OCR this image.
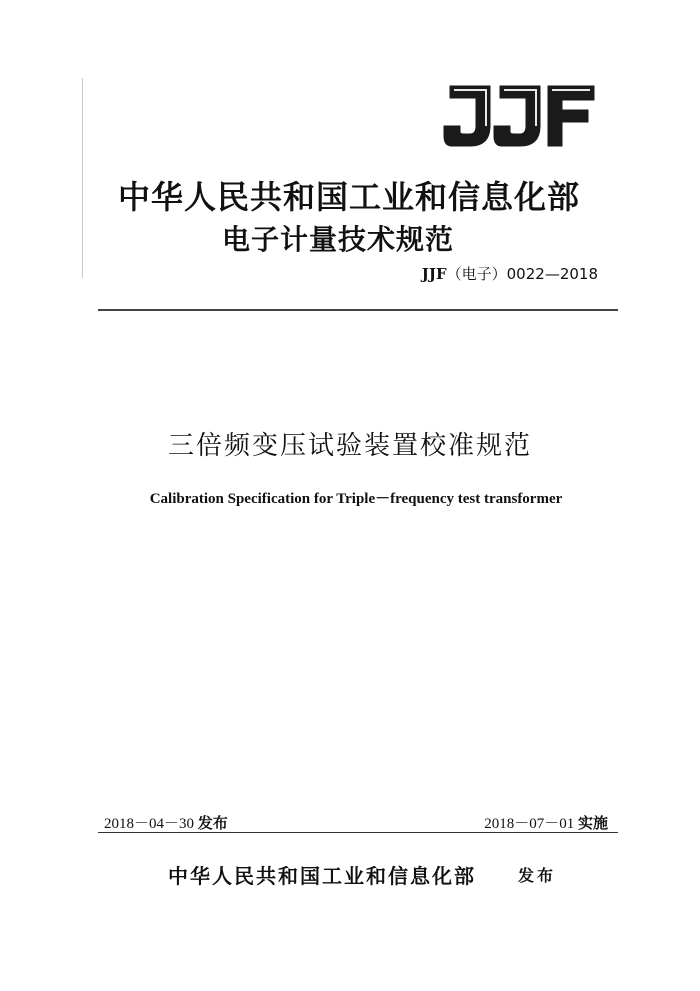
中华人民共和国工业和信息化部
电子计量技术规范
JJF（电子）0022—2018
三倍频变压试验装置校准规范
Calibration Specification for Triple－frequency test transformer
2018－04－30 发布	2018－07－01 实施
中华人民共和国工业和信息化部	发布
